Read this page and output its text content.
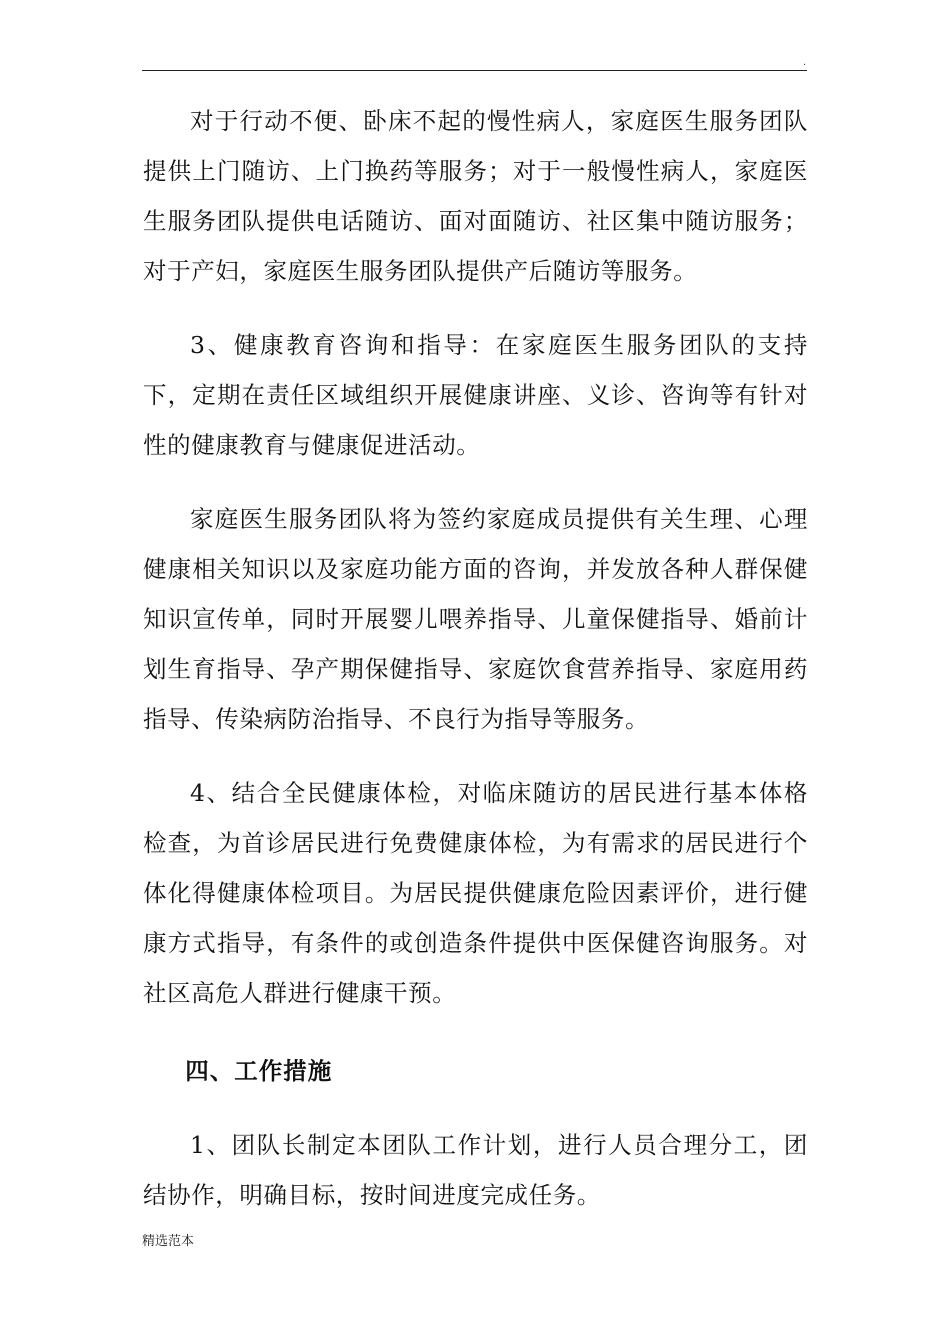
.

对于行动不便、卧床不起的慢性病人，家庭医生服务团队提供上门随访、上门换药等服务；对于一般慢性病人，家庭医生服务团队提供电话随访、面对面随访、社区集中随访服务；对于产妇，家庭医生服务团队提供产后随访等服务。

3、健康教育咨询和指导：在家庭医生服务团队的支持下，定期在责任区域组织开展健康讲座、义诊、咨询等有针对性的健康教育与健康促进活动。

家庭医生服务团队将为签约家庭成员提供有关生理、心理健康相关知识以及家庭功能方面的咨询，并发放各种人群保健知识宣传单，同时开展婴儿喂养指导、儿童保健指导、婚前计划生育指导、孕产期保健指导、家庭饮食营养指导、家庭用药指导、传染病防治指导、不良行为指导等服务。

4、结合全民健康体检，对临床随访的居民进行基本体格检查，为首诊居民进行免费健康体检，为有需求的居民进行个体化得健康体检项目。为居民提供健康危险因素评价，进行健康方式指导，有条件的或创造条件提供中医保健咨询服务。对社区高危人群进行健康干预。

四、工作措施

1、团队长制定本团队工作计划，进行人员合理分工，团结协作，明确目标，按时间进度完成任务。

精选范本
